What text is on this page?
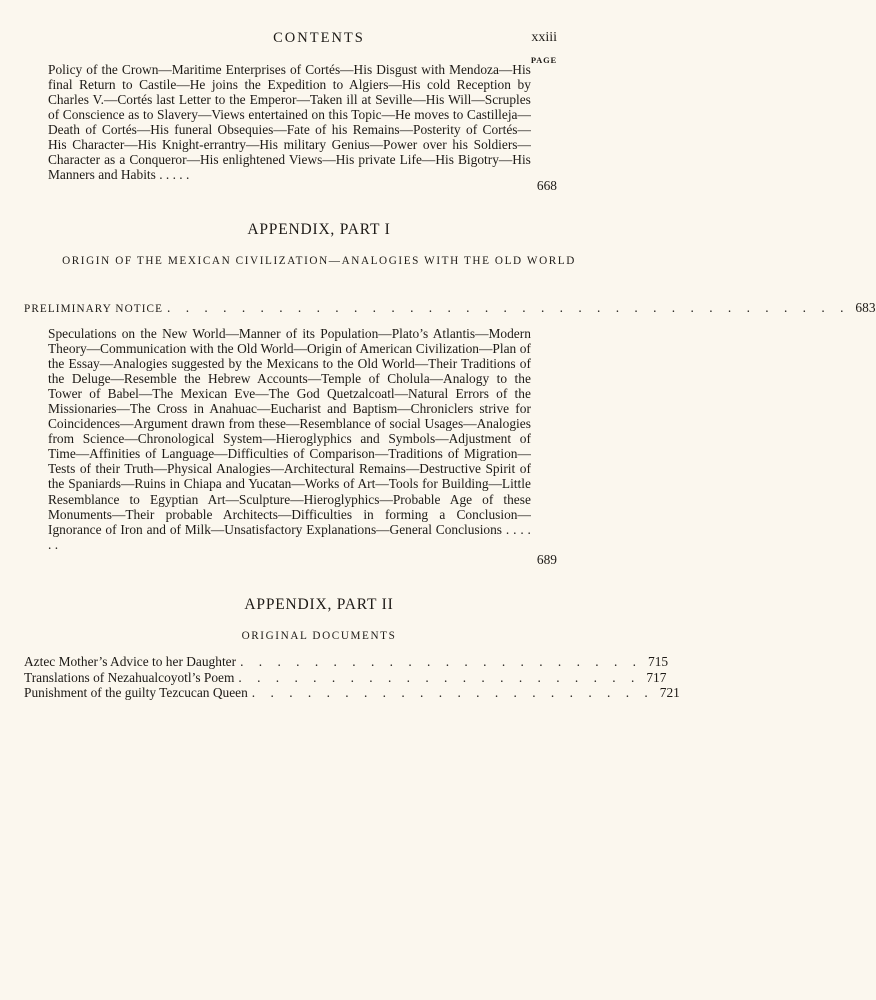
CONTENTS	xxiii
PAGE
668
Policy of the Crown—Maritime Enterprises of Cortés—His Disgust with Mendoza—His final Return to Castile—He joins the Expedition to Algiers—His cold Reception by Charles V.—Cortés last Letter to the Emperor—Taken ill at Seville—His Will—Scruples of Conscience as to Slavery—Views entertained on this Topic—He moves to Castilleja—Death of Cortés—His funeral Obsequies—Fate of his Remains—Posterity of Cortés—His Character—His Knight-errantry—His military Genius—Power over his Soldiers—Character as a Conqueror—His enlightened Views—His private Life—His Bigotry—His Manners and Habits . . . . .
APPENDIX, PART I
ORIGIN OF THE MEXICAN CIVILIZATION—ANALOGIES WITH THE OLD WORLD
PRELIMINARY NOTICE . . . . . . . . . . . . . . . . . . . . . . . . . . . . . . . . . . . . . 683
689
Speculations on the New World—Manner of its Population—Plato’s Atlantis—Modern Theory—Communication with the Old World—Origin of American Civilization—Plan of the Essay—Analogies suggested by the Mexicans to the Old World—Their Traditions of the Deluge—Resemble the Hebrew Accounts—Temple of Cholula—Analogy to the Tower of Babel—The Mexican Eve—The God Quetzalcoatl—Natural Errors of the Missionaries—The Cross in Anahuac—Eucharist and Baptism—Chroniclers strive for Coincidences—Argument drawn from these—Resemblance of social Usages—Analogies from Science—Chronological System—Hieroglyphics and Symbols—Adjustment of Time—Affinities of Language—Difficulties of Comparison—Traditions of Migration—Tests of their Truth—Physical Analogies—Architectural Remains—Destructive Spirit of the Spaniards—Ruins in Chiapa and Yucatan—Works of Art—Tools for Building—Little Resemblance to Egyptian Art—Sculpture—Hieroglyphics—Probable Age of these Monuments—Their probable Architects—Difficulties in forming a Conclusion—Ignorance of Iron and of Milk—Unsatisfactory Explanations—General Conclusions . . . . . .
APPENDIX, PART II
ORIGINAL DOCUMENTS
Aztec Mother’s Advice to her Daughter . . . . . . . . . . . . . . . . . . . . . . 715
Translations of Nezahualcoyotl’s Poem . . . . . . . . . . . . . . . . . . . . . . 717
Punishment of the guilty Tezcucan Queen . . . . . . . . . . . . . . . . . . . . . . 721
